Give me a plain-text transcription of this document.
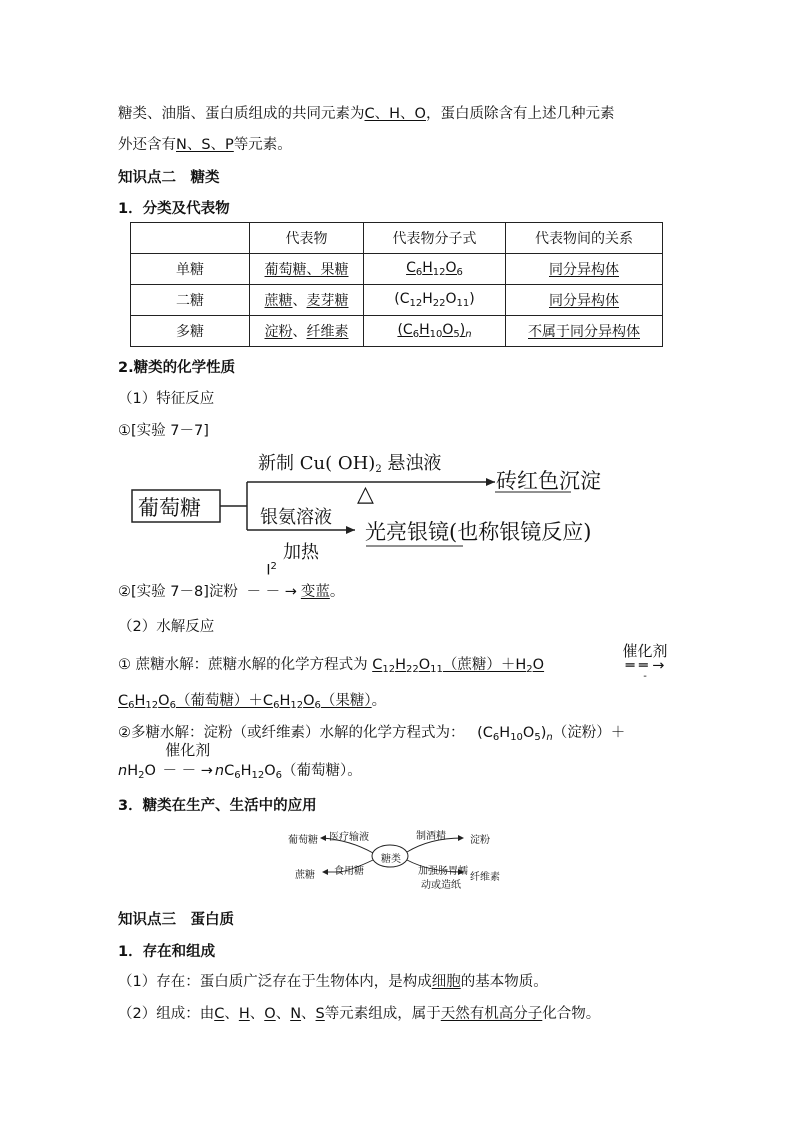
糖类、油脂、蛋白质组成的共同元素为C、H、O，蛋白质除含有上述几种元素
外还含有N、S、P等元素。
知识点二　糖类
1．分类及代表物
	代表物	代表物分子式	代表物间的关系
单糖	葡萄糖、果糖	$C_6H_{12}O_6$	同分异构体
二糖	蔗糖、麦芽糖	$(C_{12}H_{22}O_{11})$	同分异构体
多糖	淀粉、纤维素	$(C_6H_{10}O_5)_n$	不属于同分异构体
2.糖类的化学性质
（1）特征反应
①[实验 7－7]
葡萄糖
新制 Cu( $OH)_2$ 悬浊液
砖红色沉淀
△
银氨溶液
加热
光亮银镜(也称银镜反应)
②[实验 7－8]淀粉
$I^2$
－ － → 变蓝。
（2）水解反应
① 蔗糖水解：蔗糖水解的化学方程式为 $C_{12}H_{22}O_{11}$（蔗糖）$+H_2O$
催化剂
═ ═ →
-
$C_6H_{12}O_6$（葡萄糖）$+C_6H_{12}O_6$（果糖）。
②多糖水解：淀粉（或纤维素）水解的化学方程式为： $(C_6H_{10}O_5)_n$（淀粉）＋
$nH_2O$
催化剂
－ － → $nC_6H_{12}O_6$（葡萄糖）。
3．糖类在生产、生活中的应用
糖类
葡萄糖 医疗输液
蔗糖 食用糖
制酒精 淀粉
加强肠胃蠕
动或造纸
纤维素
知识点三　蛋白质
1．存在和组成
（1）存在：蛋白质广泛存在于生物体内，是构成细胞的基本物质。
（2）组成：由C、H、O、N、S等元素组成，属于天然有机高分子化合物。
